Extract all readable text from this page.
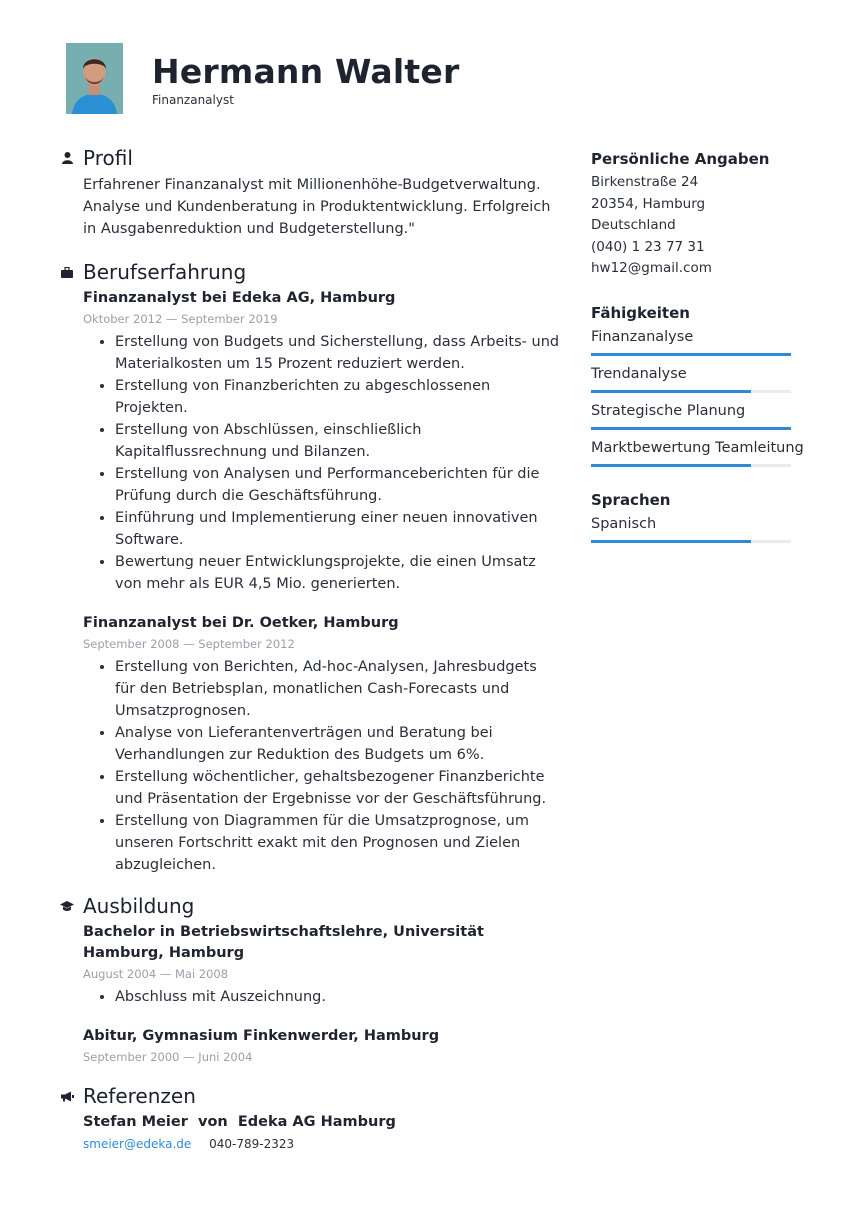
Hermann Walter
Finanzanalyst
Profil

Erfahrener Finanzanalyst mit Millionenhöhe-Budgetverwaltung. Analyse und Kundenberatung in Produktentwicklung. Erfolgreich in Ausgabenreduktion und Budgeterstellung."

Berufserfahrung
Finanzanalyst bei Edeka AG, Hamburg
Oktober 2012 — September 2019
• Erstellung von Budgets und Sicherstellung, dass Arbeits- und Materialkosten um 15 Prozent reduziert werden.
• Erstellung von Finanzberichten zu abgeschlossenen Projekten.
• Erstellung von Abschlüssen, einschließlich Kapitalflussrechnung und Bilanzen.
• Erstellung von Analysen und Performanceberichten für die Prüfung durch die Geschäftsführung.
• Einführung und Implementierung einer neuen innovativen Software.
• Bewertung neuer Entwicklungsprojekte, die einen Umsatz von mehr als EUR 4,5 Mio. generierten.
Finanzanalyst bei Dr. Oetker, Hamburg
September 2008 — September 2012
• Erstellung von Berichten, Ad-hoc-Analysen, Jahresbudgets für den Betriebsplan, monatlichen Cash-Forecasts und Umsatzprognosen.
• Analyse von Lieferantenverträgen und Beratung bei Verhandlungen zur Reduktion des Budgets um 6%.
• Erstellung wöchentlicher, gehaltsbezogener Finanzberichte und Präsentation der Ergebnisse vor der Geschäftsführung.
• Erstellung von Diagrammen für die Umsatzprognose, um unseren Fortschritt exakt mit den Prognosen und Zielen abzugleichen.
Ausbildung
Bachelor in Betriebswirtschaftslehre, Universität Hamburg, Hamburg
August 2004 — Mai 2008
• Abschluss mit Auszeichnung.
Abitur, Gymnasium Finkenwerder, Hamburg
September 2000 — Juni 2004
Referenzen
Stefan Meier  von  Edeka AG Hamburg
smeier@edeka.de 040-789-2323
Persönliche Angaben
Birkenstraße 24
20354, Hamburg
Deutschland
(040) 1 23 77 31
hw12@gmail.com
Fähigkeiten
Finanzanalyse
Trendanalyse
Strategische Planung
Marktbewertung Teamleitung
Sprachen
Spanisch
